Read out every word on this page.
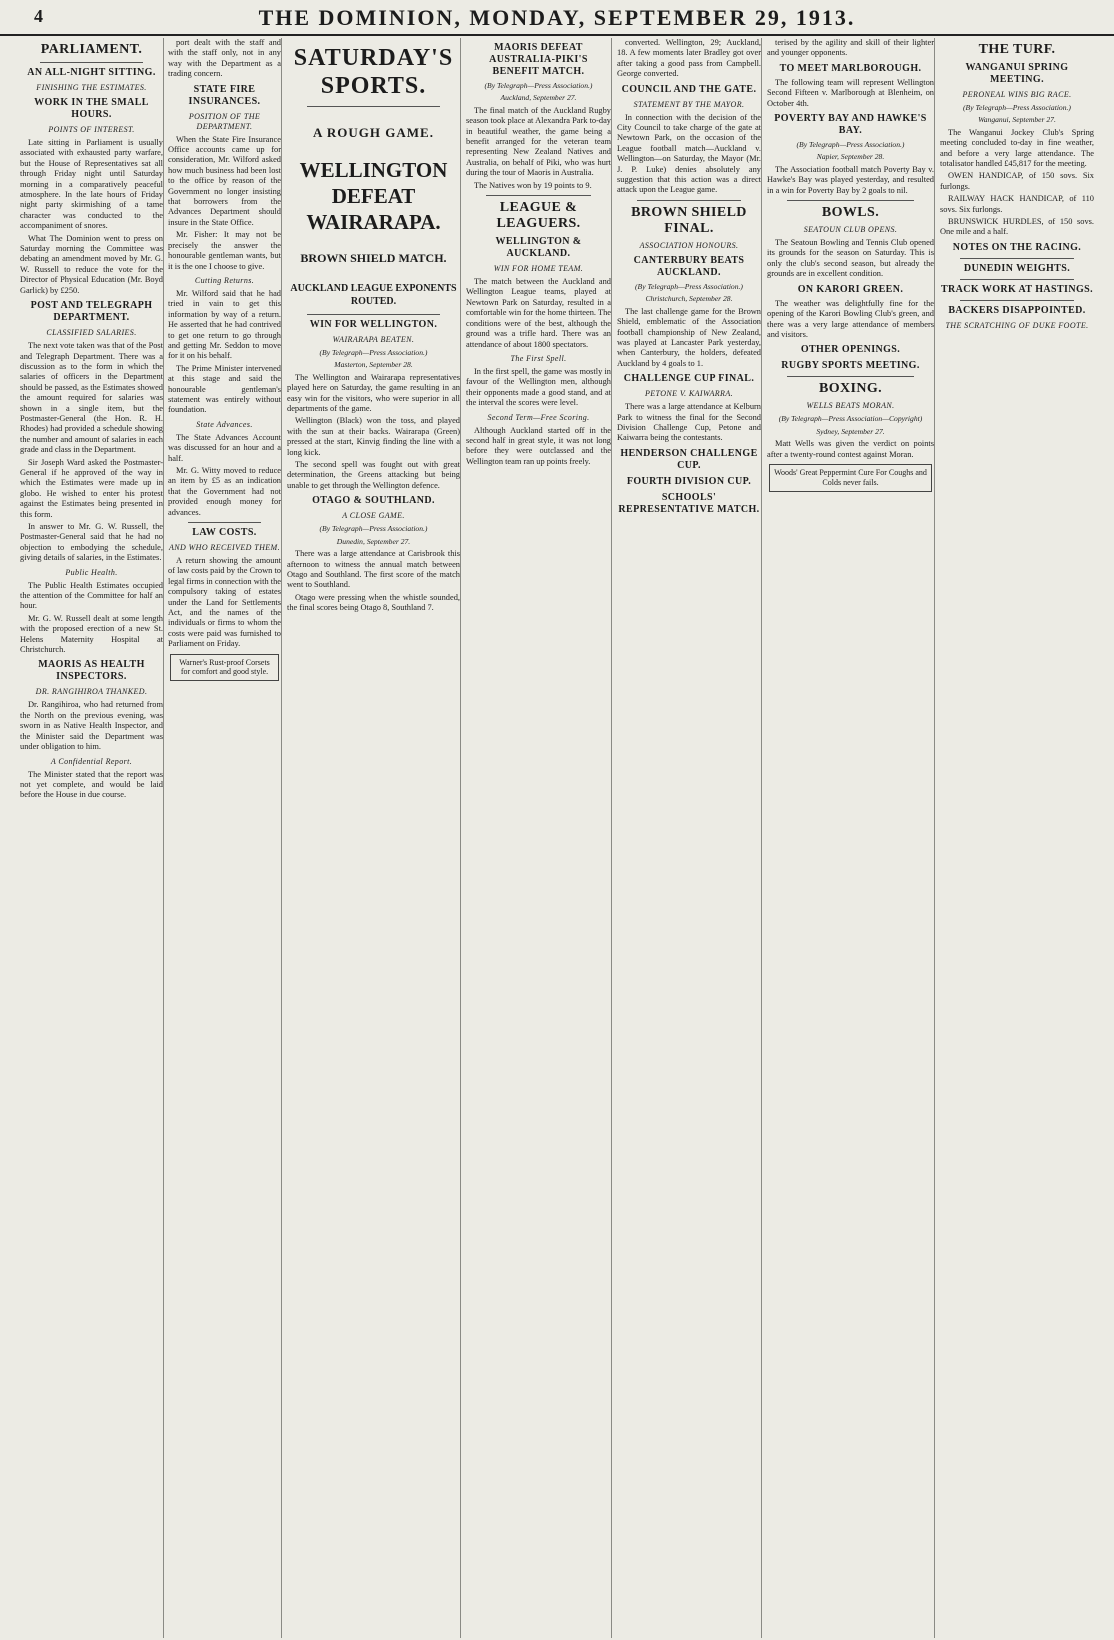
4	THE DOMINION, MONDAY, SEPTEMBER 29, 1913.
PARLIAMENT.
AN ALL-NIGHT SITTING.
FINISHING THE ESTIMATES.
WORK IN THE SMALL HOURS.
POINTS OF INTEREST.

Late sitting in Parliament is usually associated with exhausted party warfare, but the House of Representatives sat all through Friday night until Saturday morning in a comparatively peaceful atmosphere. In the late hours of Friday night party skirmishing of a tame character was conducted to the accompaniment of snores.

What The Dominion went to press on Saturday morning the Committee was debating an amendment moved by Mr. G. W. Russell to reduce the vote for the Director of Physical Education (Mr. Boyd Garlick) by £250.

POST AND TELEGRAPH DEPARTMENT.
CLASSIFIED SALARIES.

The next vote taken was that of the Post and Telegraph Department. There was a discussion as to the form in which the salaries of officers in the Department should be passed, as the Estimates showed the amount required for salaries was shown in a single item, but the Postmaster-General (the Hon. R. H. Rhodes) had provided a schedule showing the number and amount of salaries in each grade and class in the Department.

Sir Joseph Ward asked the Postmaster-General if he approved of the way in which the Estimates were made up in globo. He wished to enter his protest against the Estimates being presented in this form.

In answer to Mr. G. W. Russell, the Postmaster-General said that he had no objection to embodying the schedule, giving details of salaries, in the Estimates.

Public Health.

The Public Health Estimates occupied the attention of the Committee for half an hour.

Mr. G. W. Russell dealt at some length with the proposed erection of a new St. Helens Maternity Hospital at Christchurch.

MAORIS AS HEALTH INSPECTORS.
DR. RANGIHIROA THANKED.

Dr. Rangihiroa, who had returned from the North on the previous evening, was sworn in as Native Health Inspector, and the Minister said the Department was under obligation to him.

A Confidential Report.

The Minister stated that the report was not yet complete, and would be laid before the House in due course.

port dealt with the staff and with the staff only, not in any way with the Department as a trading concern.

STATE FIRE INSURANCES.
POSITION OF THE DEPARTMENT.

When the State Fire Insurance Office accounts came up for consideration, Mr. Wilford asked how much business had been lost to the office by reason of the Government no longer insisting that borrowers from the Advances Department should insure in the State Office.

Mr. Fisher: It may not be precisely the answer the honourable gentleman wants, but it is the one I choose to give.

Cutting Returns.

Mr. Wilford said that he had tried in vain to get this information by way of a return. He asserted that he had contrived to get one return to go through and getting Mr. Seddon to move for it on his behalf.

The Prime Minister intervened at this stage and said the honourable gentleman's statement was entirely without foundation.

State Advances.

The State Advances Account was discussed for an hour and a half.

Mr. G. Witty moved to reduce an item by £5 as an indication that the Government had not provided enough money for advances.

LAW COSTS.
AND WHO RECEIVED THEM.

A return showing the amount of law costs paid by the Crown to legal firms in connection with the compulsory taking of estates under the Land for Settlements Act, and the names of the individuals or firms to whom the costs were paid was furnished to Parliament on Friday.

Warner's Rust-proof Corsets for comfort and good style.
SATURDAY'S SPORTS.
A ROUGH GAME.
WELLINGTON DEFEAT WAIRARAPA.
BROWN SHIELD MATCH.
AUCKLAND LEAGUE EXPONENTS ROUTED.
WIN FOR WELLINGTON.
WAIRARAPA BEATEN.
(By Telegraph—Press Association.)
Masterton, September 28.

The Wellington and Wairarapa representatives played here on Saturday, the game resulting in an easy win for the visitors, who were superior in all departments of the game.

Wellington (Black) won the toss, and played with the sun at their backs. Wairarapa (Green) pressed at the start, Kinvig finding the line with a long kick.

The second spell was fought out with great determination, the Greens attacking but being unable to get through the Wellington defence.

OTAGO & SOUTHLAND.
A CLOSE GAME.
(By Telegraph—Press Association.)
Dunedin, September 27.

There was a large attendance at Carisbrook this afternoon to witness the annual match between Otago and Southland. The first score of the match went to Southland.

Otago were pressing when the whistle sounded, the final scores being Otago 8, Southland 7.

MAORIS DEFEAT AUSTRALIA-PIKI'S BENEFIT MATCH.
(By Telegraph—Press Association.)
Auckland, September 27.

The final match of the Auckland Rugby season took place at Alexandra Park to-day in beautiful weather, the game being a benefit arranged for the veteran team representing New Zealand Natives and Australia, on behalf of Piki, who was hurt during the tour of Maoris in Australia.

The Natives won by 19 points to 9.

LEAGUE & LEAGUERS.
WELLINGTON & AUCKLAND.
WIN FOR HOME TEAM.

The match between the Auckland and Wellington League teams, played at Newtown Park on Saturday, resulted in a comfortable win for the home thirteen. The conditions were of the best, although the ground was a trifle hard. There was an attendance of about 1800 spectators.

The First Spell.

In the first spell, the game was mostly in favour of the Wellington men, although their opponents made a good stand, and at the interval the scores were level.

Second Term—Free Scoring.

Although Auckland started off in the second half in great style, it was not long before they were outclassed and the Wellington team ran up points freely.

converted. Wellington, 29; Auckland, 18. A few moments later Bradley got over after taking a good pass from Campbell. George converted.

COUNCIL AND THE GATE.
STATEMENT BY THE MAYOR.

In connection with the decision of the City Council to take charge of the gate at Newtown Park, on the occasion of the League football match—Auckland v. Wellington—on Saturday, the Mayor (Mr. J. P. Luke) denies absolutely any suggestion that this action was a direct attack upon the League game.

BROWN SHIELD FINAL.
ASSOCIATION HONOURS.
CANTERBURY BEATS AUCKLAND.
(By Telegraph—Press Association.)
Christchurch, September 28.

The last challenge game for the Brown Shield, emblematic of the Association football championship of New Zealand, was played at Lancaster Park yesterday, when Canterbury, the holders, defeated Auckland by 4 goals to 1.

CHALLENGE CUP FINAL.
PETONE V. KAIWARRA.

There was a large attendance at Kelburn Park to witness the final for the Second Division Challenge Cup, Petone and Kaiwarra being the contestants.

HENDERSON CHALLENGE CUP.
FOURTH DIVISION CUP.
SCHOOLS' REPRESENTATIVE MATCH.

terised by the agility and skill of their lighter and younger opponents.

TO MEET MARLBOROUGH.

The following team will represent Wellington Second Fifteen v. Marlborough at Blenheim, on October 4th.

POVERTY BAY AND HAWKE'S BAY.
(By Telegraph—Press Association.)
Napier, September 28.

The Association football match Poverty Bay v. Hawke's Bay was played yesterday, and resulted in a win for Poverty Bay by 2 goals to nil.

BOWLS.
SEATOUN CLUB OPENS.

The Seatoun Bowling and Tennis Club opened its grounds for the season on Saturday. This is only the club's second season, but already the grounds are in excellent condition.

ON KARORI GREEN.

The weather was delightfully fine for the opening of the Karori Bowling Club's green, and there was a very large attendance of members and visitors.

OTHER OPENINGS.
RUGBY SPORTS MEETING.
BOXING.
WELLS BEATS MORAN.
(By Telegraph—Press Association—Copyright)
Sydney, September 27.

Matt Wells was given the verdict on points after a twenty-round contest against Moran.

Woods' Great Peppermint Cure For Coughs and Colds never fails.
THE TURF.
WANGANUI SPRING MEETING.
PERONEAL WINS BIG RACE.
(By Telegraph—Press Association.)
Wanganui, September 27.

The Wanganui Jockey Club's Spring meeting concluded to-day in fine weather, and before a very large attendance. The totalisator handled £45,817 for the meeting.

OWEN HANDICAP, of 150 sovs. Six furlongs.

RAILWAY HACK HANDICAP, of 110 sovs. Six furlongs.

BRUNSWICK HURDLES, of 150 sovs. One mile and a half.

NOTES ON THE RACING.
DUNEDIN WEIGHTS.
TRACK WORK AT HASTINGS.
BACKERS DISAPPOINTED.
THE SCRATCHING OF DUKE FOOTE.
